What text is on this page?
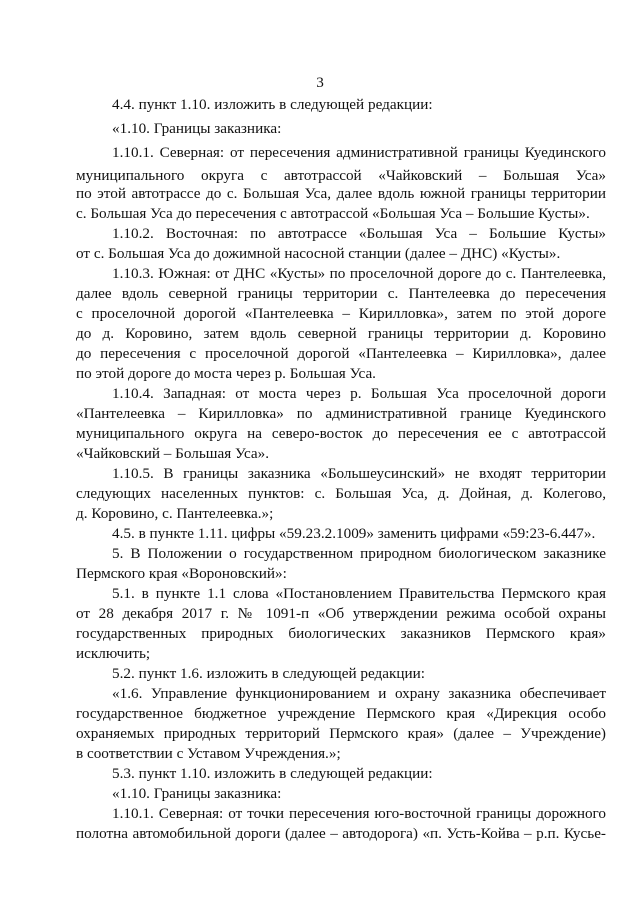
3
4.4. пункт 1.10. изложить в следующей редакции:
«1.10. Границы заказника:
1.10.1. Северная: от пересечения административной границы Куединского
муниципального округа с автотрассой «Чайковский – Большая Уса»
по этой автотрассе до с. Большая Уса, далее вдоль южной границы территории
с. Большая Уса до пересечения с автотрассой «Большая Уса – Большие Кусты».
1.10.2. Восточная: по автотрассе «Большая Уса – Большие Кусты»
от с. Большая Уса до дожимной насосной станции (далее – ДНС) «Кусты».
1.10.3. Южная: от ДНС «Кусты» по проселочной дороге до с. Пантелеевка,
далее вдоль северной границы территории с. Пантелеевка до пересечения
с проселочной дорогой «Пантелеевка – Кирилловка», затем по этой дороге
до д. Коровино, затем вдоль северной границы территории д. Коровино
до пересечения с проселочной дорогой «Пантелеевка – Кирилловка», далее
по этой дороге до моста через р. Большая Уса.
1.10.4. Западная: от моста через р. Большая Уса проселочной дороги
«Пантелеевка – Кирилловка» по административной границе Куединского
муниципального округа на северо-восток до пересечения ее с автотрассой
«Чайковский – Большая Уса».
1.10.5. В границы заказника «Большеусинский» не входят территории
следующих населенных пунктов: с. Большая Уса, д. Дойная, д. Колегово,
д. Коровино, с. Пантелеевка.»;
4.5. в пункте 1.11. цифры «59.23.2.1009» заменить цифрами «59:23-6.447».
5. В Положении о государственном природном биологическом заказнике
Пермского края «Вороновский»:
5.1. в пункте 1.1 слова «Постановлением Правительства Пермского края
от 28 декабря 2017 г. № 1091-п «Об утверждении режима особой охраны
государственных природных биологических заказников Пермского края»
исключить;
5.2. пункт 1.6. изложить в следующей редакции:
«1.6. Управление функционированием и охрану заказника обеспечивает
государственное бюджетное учреждение Пермского края «Дирекция особо
охраняемых природных территорий Пермского края» (далее – Учреждение)
в соответствии с Уставом Учреждения.»;
5.3. пункт 1.10. изложить в следующей редакции:
«1.10. Границы заказника:
1.10.1. Северная: от точки пересечения юго-восточной границы дорожного
полотна автомобильной дороги (далее – автодорога) «п. Усть-Койва – р.п. Кусье-
